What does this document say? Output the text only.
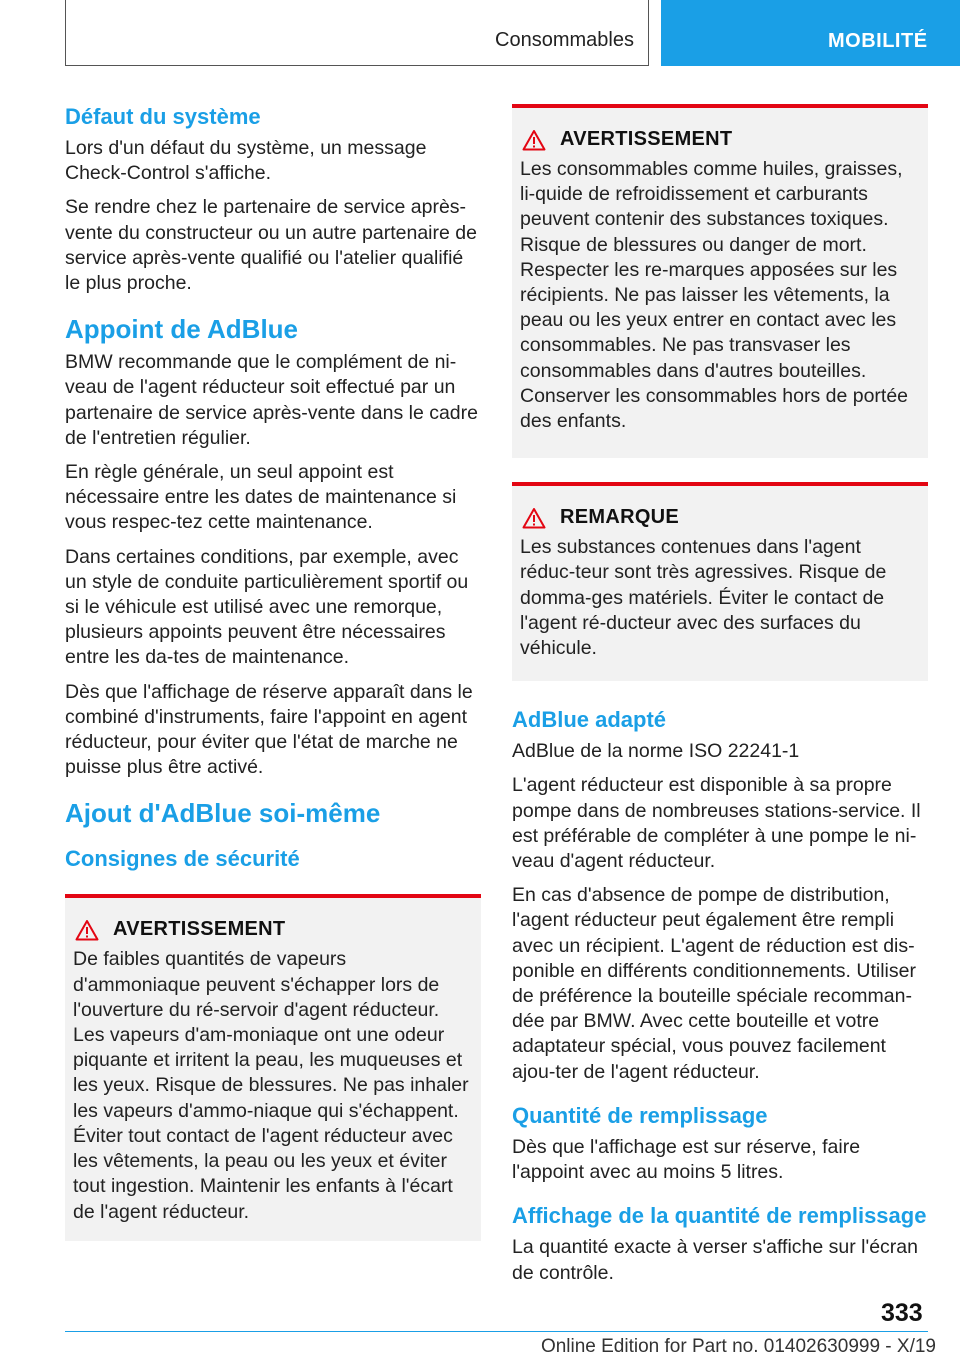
Consommables	MOBILITÉ
Défaut du système

Lors d'un défaut du système, un message Check-Control s'affiche.

Se rendre chez le partenaire de service après-vente du constructeur ou un autre partenaire de service après-vente qualifié ou l'atelier qualifié le plus proche.

Appoint de AdBlue

BMW recommande que le complément de ni-veau de l'agent réducteur soit effectué par un partenaire de service après-vente dans le cadre de l'entretien régulier.

En règle générale, un seul appoint est nécessaire entre les dates de maintenance si vous respec-tez cette maintenance.

Dans certaines conditions, par exemple, avec un style de conduite particulièrement sportif ou si le véhicule est utilisé avec une remorque, plusieurs appoints peuvent être nécessaires entre les da-tes de maintenance.

Dès que l'affichage de réserve apparaît dans le combiné d'instruments, faire l'appoint en agent réducteur, pour éviter que l'état de marche ne puisse plus être activé.

Ajout d'AdBlue soi-même
Consignes de sécurité
AVERTISSEMENT

De faibles quantités de vapeurs d'ammoniaque peuvent s'échapper lors de l'ouverture du ré-servoir d'agent réducteur. Les vapeurs d'am-moniaque ont une odeur piquante et irritent la peau, les muqueuses et les yeux. Risque de blessures. Ne pas inhaler les vapeurs d'ammo-niaque qui s'échappent. Éviter tout contact de l'agent réducteur avec les vêtements, la peau ou les yeux et éviter tout ingestion. Maintenir les enfants à l'écart de l'agent réducteur.

AVERTISSEMENT

Les consommables comme huiles, graisses, li-quide de refroidissement et carburants peuvent contenir des substances toxiques. Risque de blessures ou danger de mort. Respecter les re-marques apposées sur les récipients. Ne pas laisser les vêtements, la peau ou les yeux entrer en contact avec les consommables. Ne pas transvaser les consommables dans d'autres bouteilles. Conserver les consommables hors de portée des enfants.

REMARQUE

Les substances contenues dans l'agent réduc-teur sont très agressives. Risque de domma-ges matériels. Éviter le contact de l'agent ré-ducteur avec des surfaces du véhicule.

AdBlue adapté

AdBlue de la norme ISO 22241-1

L'agent réducteur est disponible à sa propre pompe dans de nombreuses stations-service. Il est préférable de compléter à une pompe le ni-veau d'agent réducteur.

En cas d'absence de pompe de distribution, l'agent réducteur peut également être rempli avec un récipient. L'agent de réduction est dis-ponible en différents conditionnements. Utiliser de préférence la bouteille spéciale recomman-dée par BMW. Avec cette bouteille et votre adaptateur spécial, vous pouvez facilement ajou-ter de l'agent réducteur.

Quantité de remplissage

Dès que l'affichage est sur réserve, faire l'appoint avec au moins 5 litres.

Affichage de la quantité de remplissage

La quantité exacte à verser s'affiche sur l'écran de contrôle.

333
Online Edition for Part no. 01402630999 - X/19
